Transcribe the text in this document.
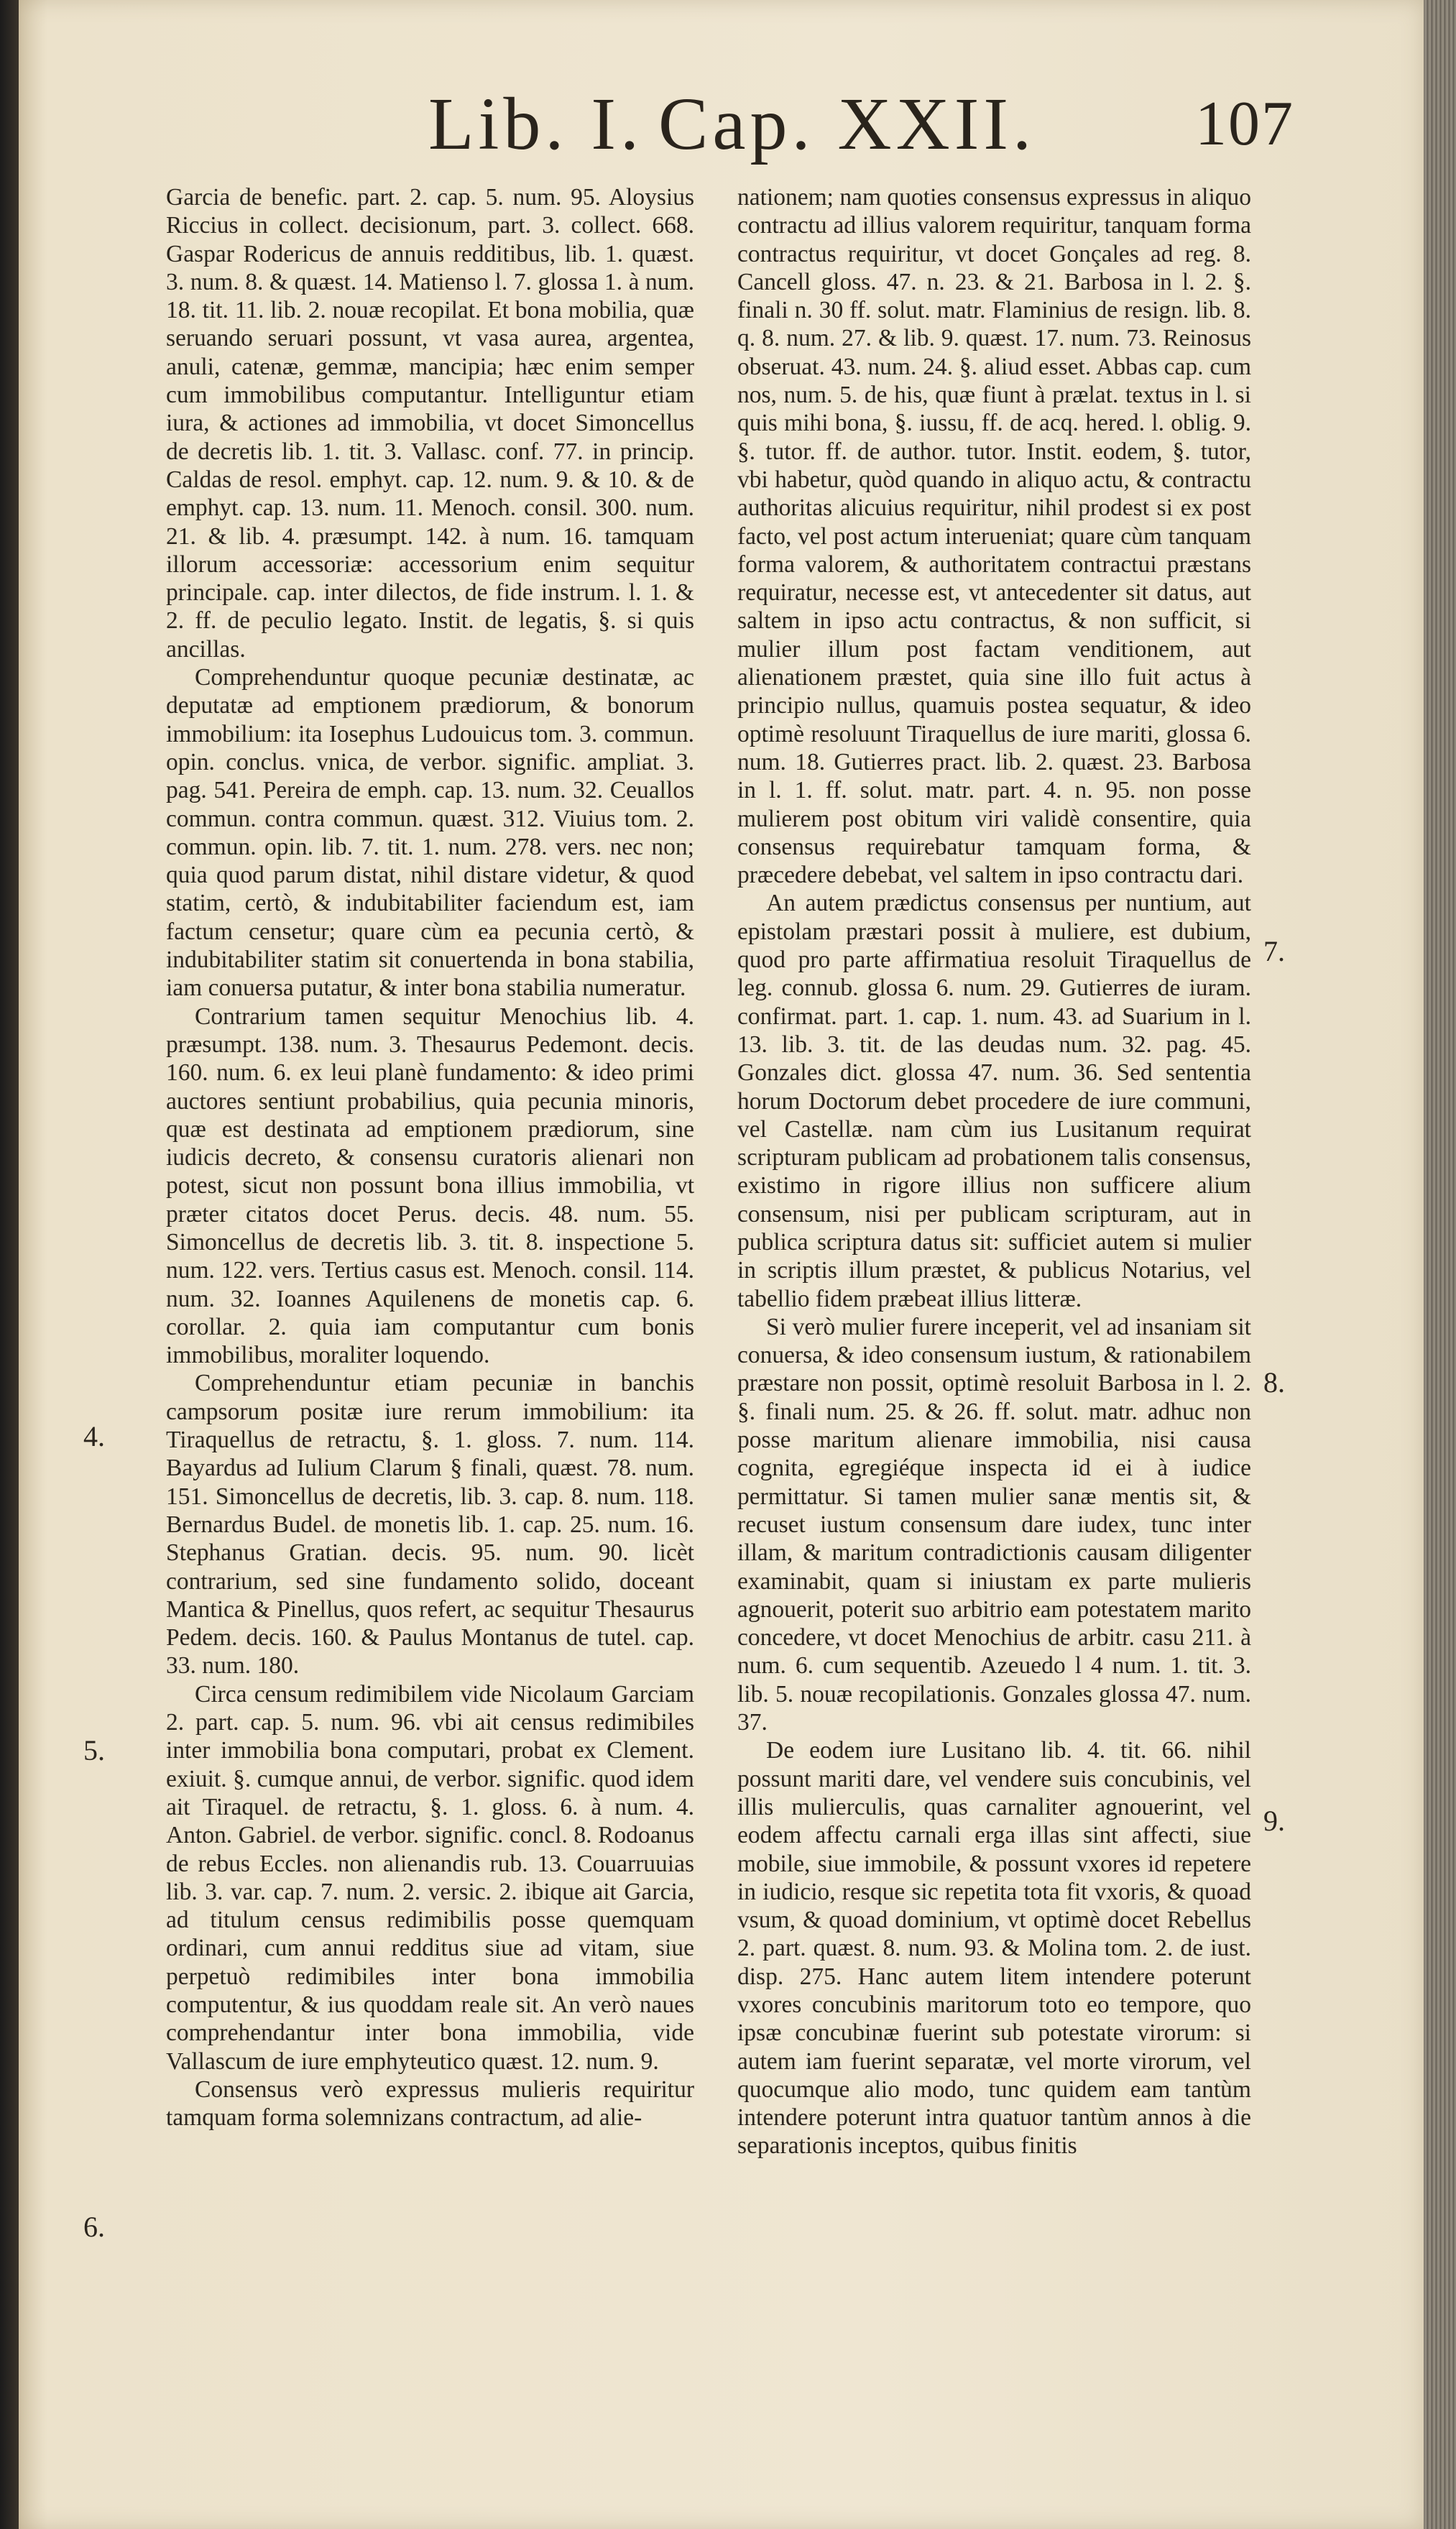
Lib. I. Cap. XXII.	107

Garcia de benefic. part. 2. cap. 5. num. 95. Aloysius Riccius in collect. decisionum, part. 3. collect. 668. Gaspar Rodericus de annuis redditibus, lib. 1. quæst. 3. num. 8. & quæst. 14. Matienso l. 7. glossa 1. à num. 18. tit. 11. lib. 2. nouæ recopilat. Et bona mobilia, quæ seruando seruari possunt, vt vasa aurea, argentea, anuli, catenæ, gemmæ, mancipia; hæc enim semper cum immobilibus computantur. Intelliguntur etiam iura, & actiones ad immobilia, vt docet Simoncellus de decretis lib. 1. tit. 3. Vallasc. conf. 77. in princip. Caldas de resol. emphyt. cap. 12. num. 9. & 10. & de emphyt. cap. 13. num. 11. Menoch. consil. 300. num. 21. & lib. 4. præsumpt. 142. à num. 16. tamquam illorum accessoriæ: accessorium enim sequitur principale. cap. inter dilectos, de fide instrum. l. 1. & 2. ff. de peculio legato. Instit. de legatis, §. si quis ancillas.

Comprehenduntur quoque pecuniæ destinatæ, ac deputatæ ad emptionem prædiorum, & bonorum immobilium: ita Iosephus Ludouicus tom. 3. commun. opin. conclus. vnica, de verbor. signific. ampliat. 3. pag. 541. Pereira de emph. cap. 13. num. 32. Ceuallos commun. contra commun. quæst. 312. Viuius tom. 2. commun. opin. lib. 7. tit. 1. num. 278. vers. nec non; quia quod parum distat, nihil distare videtur, & quod statim, certò, & indubitabiliter faciendum est, iam factum censetur; quare cùm ea pecunia certò, & indubitabiliter statim sit conuertenda in bona stabilia, iam conuersa putatur, & inter bona stabilia numeratur.

Contrarium tamen sequitur Menochius lib. 4. præsumpt. 138. num. 3. Thesaurus Pedemont. decis. 160. num. 6. ex leui planè fundamento: & ideo primi auctores sentiunt probabilius, quia pecunia minoris, quæ est destinata ad emptionem prædiorum, sine iudicis decreto, & consensu curatoris alienari non potest, sicut non possunt bona illius immobilia, vt præter citatos docet Perus. decis. 48. num. 55. Simoncellus de decretis lib. 3. tit. 8. inspectione 5. num. 122. vers. Tertius casus est. Menoch. consil. 114. num. 32. Ioannes Aquilenens de monetis cap. 6. corollar. 2. quia iam computantur cum bonis immobilibus, moraliter loquendo.

Comprehenduntur etiam pecuniæ in banchis campsorum positæ iure rerum immobilium: ita Tiraquellus de retractu, §. 1. gloss. 7. num. 114. Bayardus ad Iulium Clarum § finali, quæst. 78. num. 151. Simoncellus de decretis, lib. 3. cap. 8. num. 118. Bernardus Budel. de monetis lib. 1. cap. 25. num. 16. Stephanus Gratian. decis. 95. num. 90. licèt contrarium, sed sine fundamento solido, doceant Mantica & Pinellus, quos refert, ac sequitur Thesaurus Pedem. decis. 160. & Paulus Montanus de tutel. cap. 33. num. 180.

Circa censum redimibilem vide Nicolaum Garciam 2. part. cap. 5. num. 96. vbi ait census redimibiles inter immobilia bona computari, probat ex Clement. exiuit. §. cumque annui, de verbor. signific. quod idem ait Tiraquel. de retractu, §. 1. gloss. 6. à num. 4. Anton. Gabriel. de verbor. signific. concl. 8. Rodoanus de rebus Eccles. non alienandis rub. 13. Couarruuias lib. 3. var. cap. 7. num. 2. versic. 2. ibique ait Garcia, ad titulum census redimibilis posse quemquam ordinari, cum annui redditus siue ad vitam, siue perpetuò redimibiles inter bona immobilia computentur, & ius quoddam reale sit. An verò naues comprehendantur inter bona immobilia, vide Vallascum de iure emphyteutico quæst. 12. num. 9.

Consensus verò expressus mulieris requiritur tamquam forma solemnizans contractum, ad alie-

nationem; nam quoties consensus expressus in aliquo contractu ad illius valorem requiritur, tanquam forma contractus requiritur, vt docet Gonçales ad reg. 8. Cancell gloss. 47. n. 23. & 21. Barbosa in l. 2. §. finali n. 30 ff. solut. matr. Flaminius de resign. lib. 8. q. 8. num. 27. & lib. 9. quæst. 17. num. 73. Reinosus obseruat. 43. num. 24. §. aliud esset. Abbas cap. cum nos, num. 5. de his, quæ fiunt à prælat. textus in l. si quis mihi bona, §. iussu, ff. de acq. hered. l. oblig. 9. §. tutor. ff. de author. tutor. Instit. eodem, §. tutor, vbi habetur, quòd quando in aliquo actu, & contractu authoritas alicuius requiritur, nihil prodest si ex post facto, vel post actum interueniat; quare cùm tanquam forma valorem, & authoritatem contractui præstans requiratur, necesse est, vt antecedenter sit datus, aut saltem in ipso actu contractus, & non sufficit, si mulier illum post factam venditionem, aut alienationem præstet, quia sine illo fuit actus à principio nullus, quamuis postea sequatur, & ideo optimè resoluunt Tiraquellus de iure mariti, glossa 6. num. 18. Gutierres pract. lib. 2. quæst. 23. Barbosa in l. 1. ff. solut. matr. part. 4. n. 95. non posse mulierem post obitum viri validè consentire, quia consensus requirebatur tamquam forma, & præcedere debebat, vel saltem in ipso contractu dari.

An autem prædictus consensus per nuntium, aut epistolam præstari possit à muliere, est dubium, quod pro parte affirmatiua resoluit Tiraquellus de leg. connub. glossa 6. num. 29. Gutierres de iuram. confirmat. part. 1. cap. 1. num. 43. ad Suarium in l. 13. lib. 3. tit. de las deudas num. 32. pag. 45. Gonzales dict. glossa 47. num. 36. Sed sententia horum Doctorum debet procedere de iure communi, vel Castellæ. nam cùm ius Lusitanum requirat scripturam publicam ad probationem talis consensus, existimo in rigore illius non sufficere alium consensum, nisi per publicam scripturam, aut in publica scriptura datus sit: sufficiet autem si mulier in scriptis illum præstet, & publicus Notarius, vel tabellio fidem præbeat illius litteræ.

Si verò mulier furere inceperit, vel ad insaniam sit conuersa, & ideo consensum iustum, & rationabilem præstare non possit, optimè resoluit Barbosa in l. 2. §. finali num. 25. & 26. ff. solut. matr. adhuc non posse maritum alienare immobilia, nisi causa cognita, egregiéque inspecta id ei à iudice permittatur. Si tamen mulier sanæ mentis sit, & recuset iustum consensum dare iudex, tunc inter illam, & maritum contradictionis causam diligenter examinabit, quam si iniustam ex parte mulieris agnouerit, poterit suo arbitrio eam potestatem marito concedere, vt docet Menochius de arbitr. casu 211. à num. 6. cum sequentib. Azeuedo l 4 num. 1. tit. 3. lib. 5. nouæ recopilationis. Gonzales glossa 47. num. 37.

De eodem iure Lusitano lib. 4. tit. 66. nihil possunt mariti dare, vel vendere suis concubinis, vel illis mulierculis, quas carnaliter agnouerint, vel eodem affectu carnali erga illas sint affecti, siue mobile, siue immobile, & possunt vxores id repetere in iudicio, resque sic repetita tota fit vxoris, & quoad vsum, & quoad dominium, vt optimè docet Rebellus 2. part. quæst. 8. num. 93. & Molina tom. 2. de iust. disp. 275. Hanc autem litem intendere poterunt vxores concubinis maritorum toto eo tempore, quo ipsæ concubinæ fuerint sub potestate virorum: si autem iam fuerint separatæ, vel morte virorum, vel quocumque alio modo, tunc quidem eam tantùm intendere poterunt intra quatuor tantùm annos à die separationis inceptos, quibus finitis

4.
5.
6.
7.
8.
9.
